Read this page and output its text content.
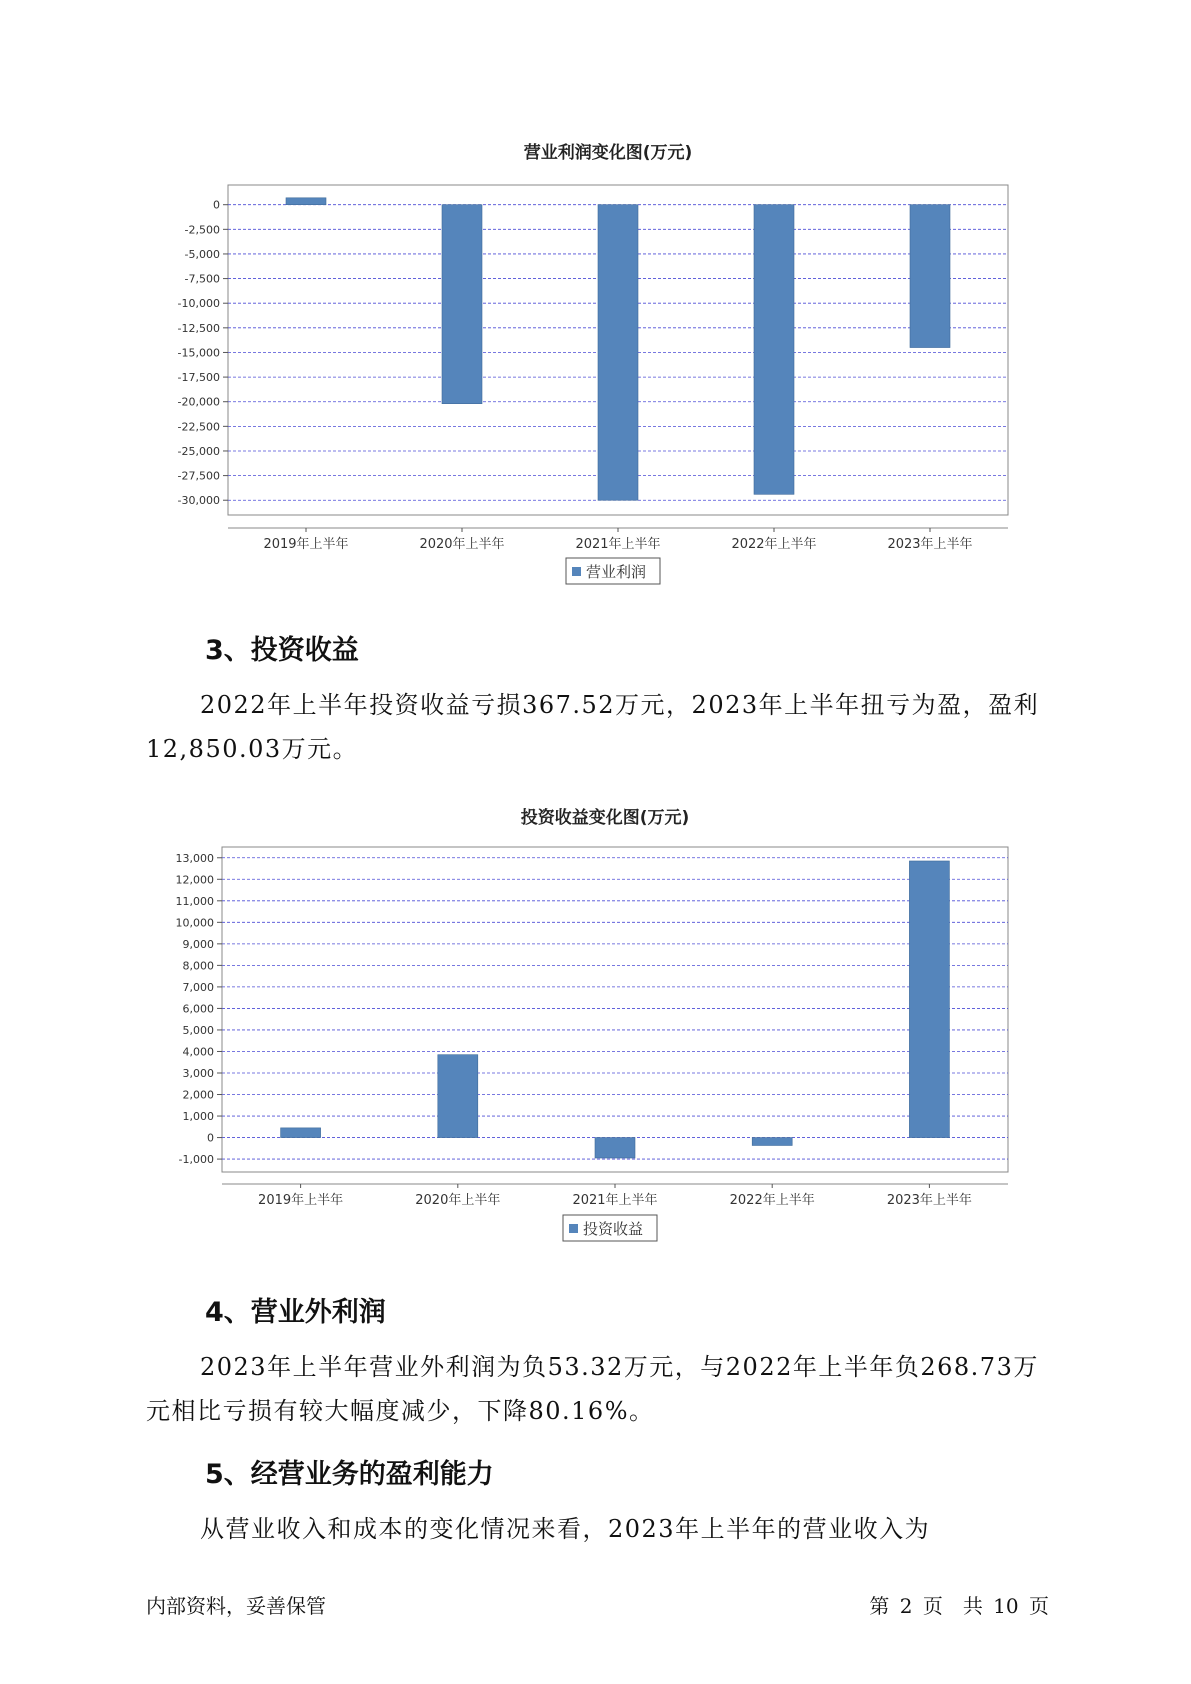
营业利润变化图(万元)
0
-2,500
-5,000
-7,500
-10,000
-12,500
-15,000
-17,500
-20,000
-22,500
-25,000
-27,500
-30,000
2019年上半年	2020年上半年	2021年上半年	2022年上半年	2023年上半年
营业利润
3、投资收益

2022年上半年投资收益亏损367.52万元，2023年上半年扭亏为盈，盈利12,850.03万元。

投资收益变化图(万元)
13,000
12,000
11,000
10,000
9,000
8,000
7,000
6,000
5,000
4,000
3,000
2,000
1,000
0
-1,000
2019年上半年	2020年上半年	2021年上半年	2022年上半年	2023年上半年
投资收益
4、营业外利润

2023年上半年营业外利润为负53.32万元，与2022年上半年负268.73万元相比亏损有较大幅度减少，下降80.16%。

5、经营业务的盈利能力

从营业收入和成本的变化情况来看，2023年上半年的营业收入为

内部资料，妥善保管	第 2 页　共 10 页
